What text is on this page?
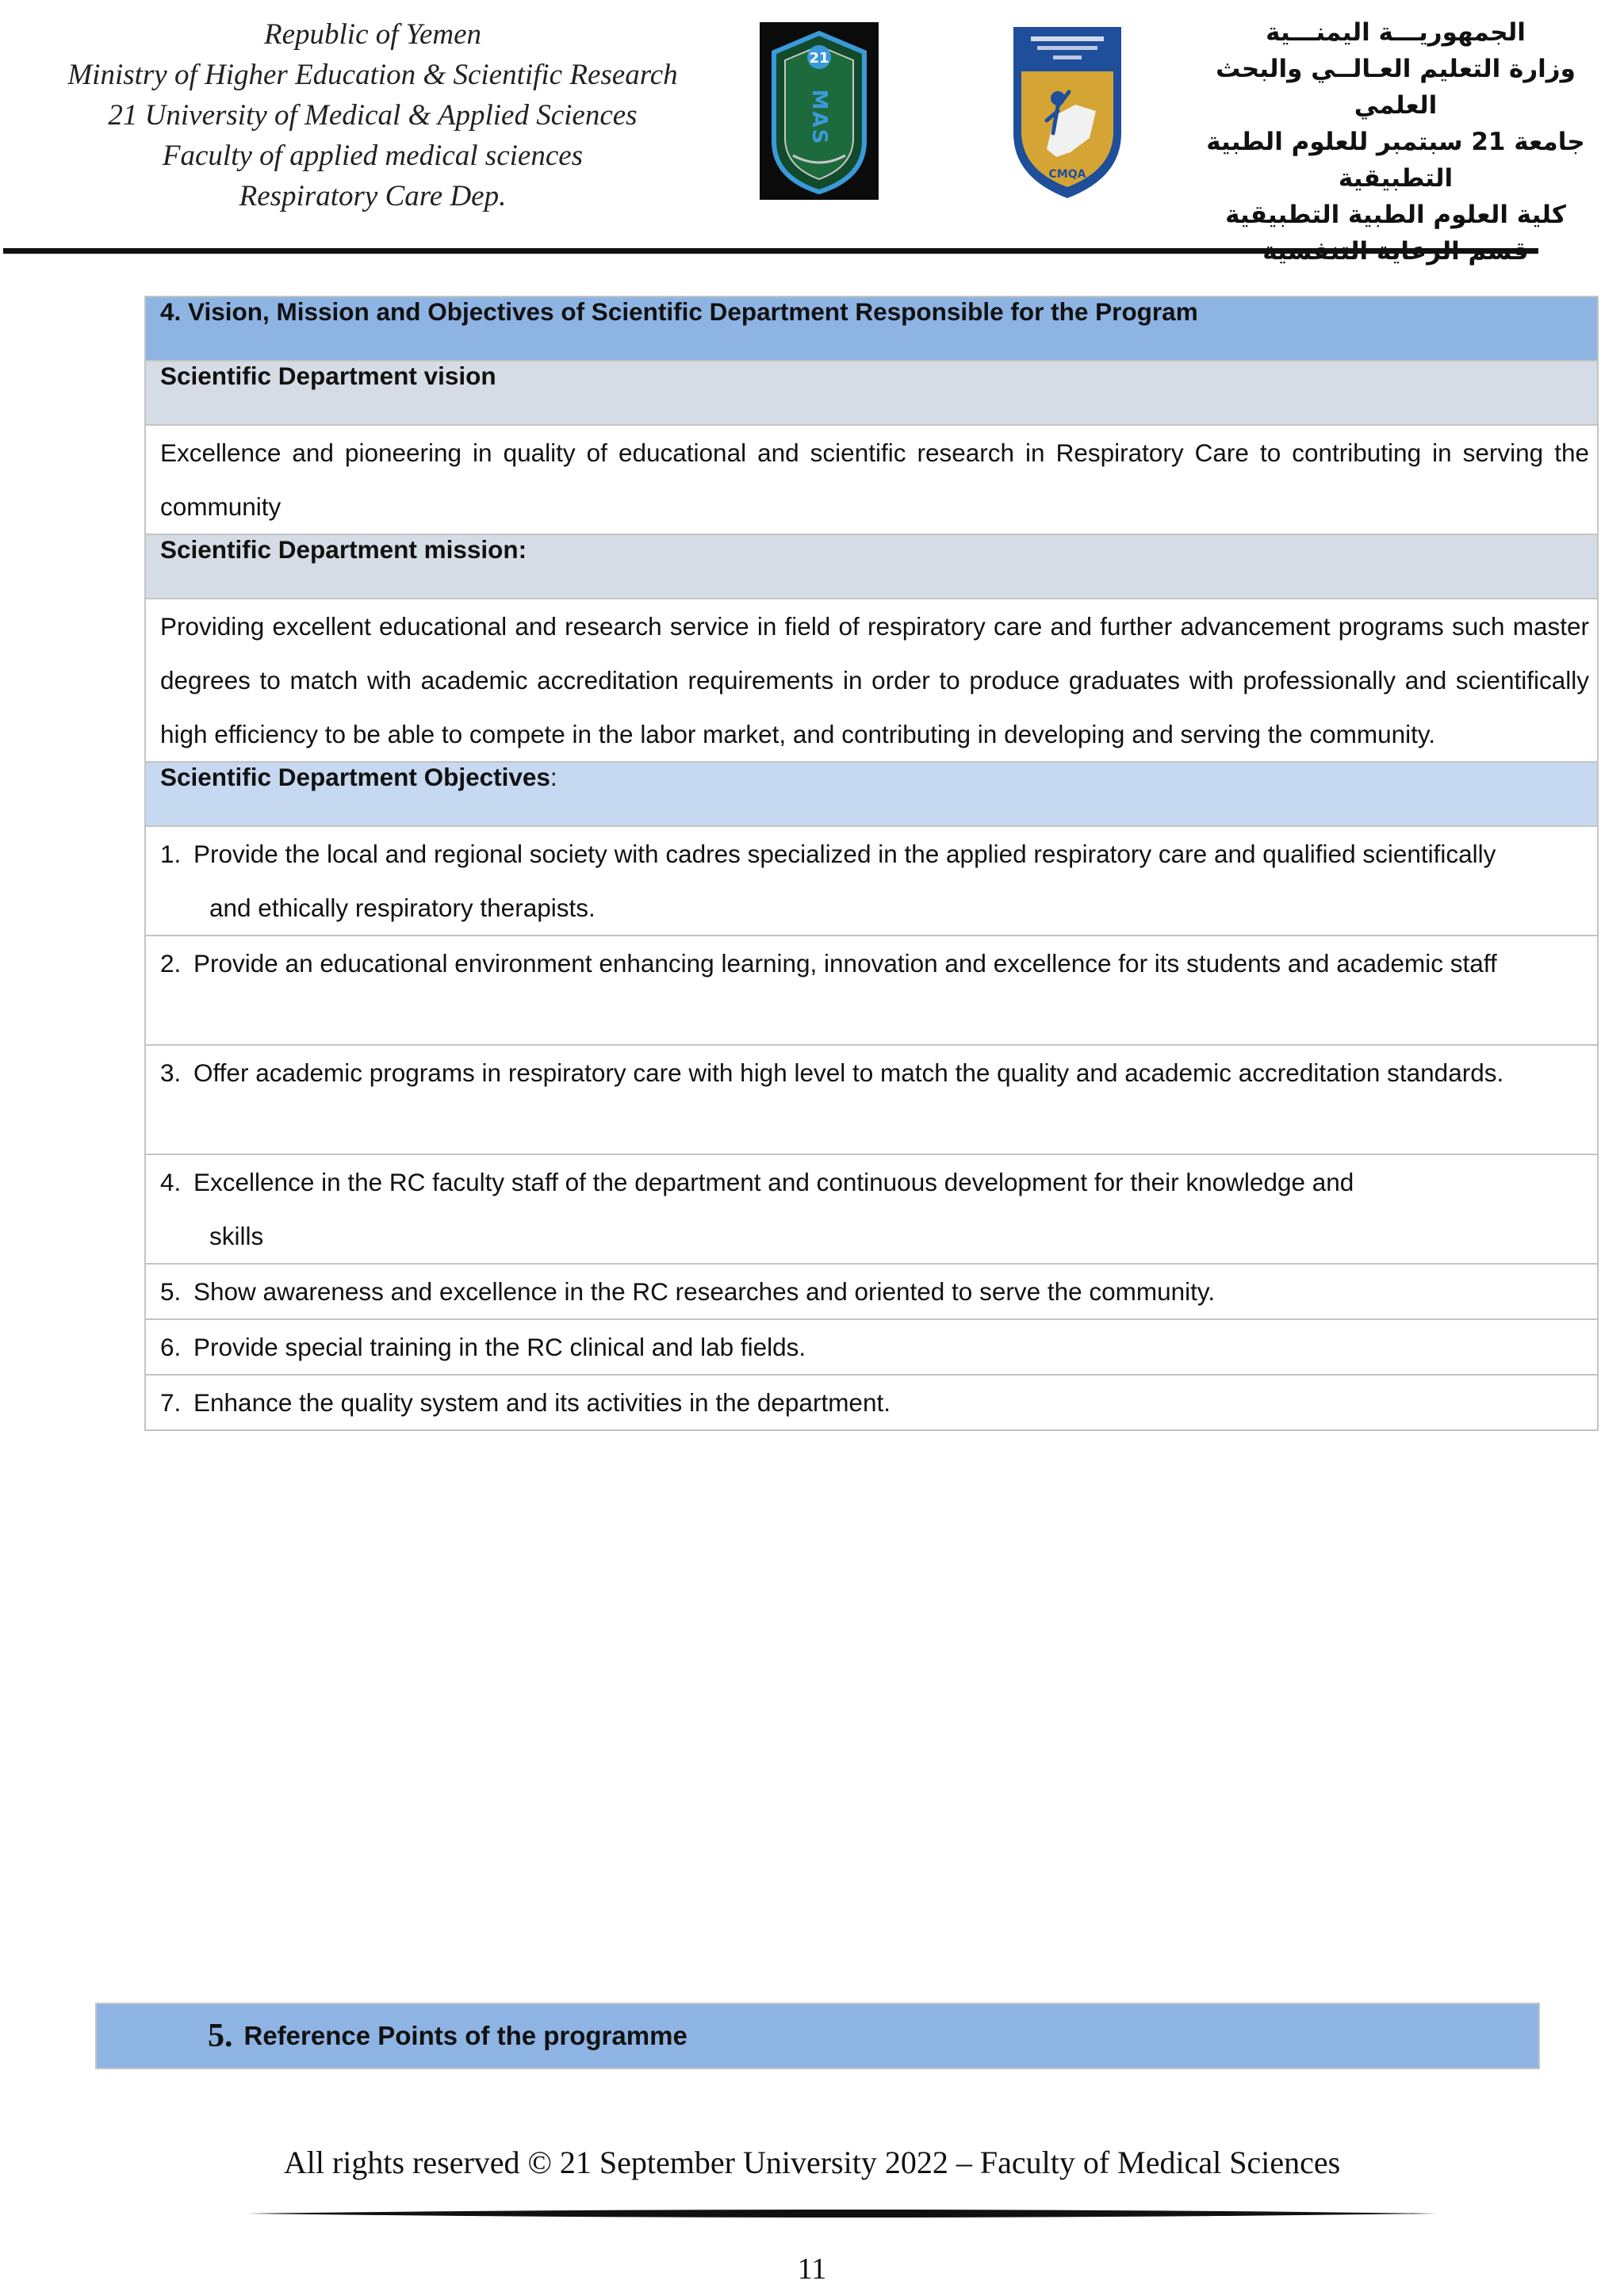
Republic of Yemen
Ministry of Higher Education & Scientific Research
21 University of Medical & Applied Sciences
Faculty of applied medical sciences
Respiratory Care Dep.
21
MAS
CMQA
الجمهوريـــة اليمنـــية
وزارة التعليم العـالــي والبحث العلمي
جامعة 21 سبتمبر للعلوم الطبية التطبيقية
كلية العلوم الطبية التطبيقية
4. Vision, Mission and Objectives of Scientific Department Responsible for the Program
Scientific Department vision
Excellence and pioneering in quality of educational and scientific research in Respiratory Care to contributing in serving the community
Scientific Department mission:
Providing excellent educational and research service in field of respiratory care and further advancement programs such master degrees to match with academic accreditation requirements in order to produce graduates with professionally and scientifically high efficiency to be able to compete in the labor market, and contributing in developing and serving the community.
Scientific Department Objectives:

1. Provide the local and regional society with cadres specialized in the applied respiratory care and qualified scientifically
and ethically respiratory therapists.

2. Provide an educational environment enhancing learning, innovation and excellence for its students and academic staff

3. Offer academic programs in respiratory care with high level to match the quality and academic accreditation standards.

4. Excellence in the RC faculty staff of the department and continuous development for their knowledge and
skills

5. Show awareness and excellence in the RC researches and oriented to serve the community.

6. Provide special training in the RC clinical and lab fields.

7. Enhance the quality system and its activities in the department.
5. Reference Points of the programme
All rights reserved © 21 September University 2022 – Faculty of Medical Sciences
11
